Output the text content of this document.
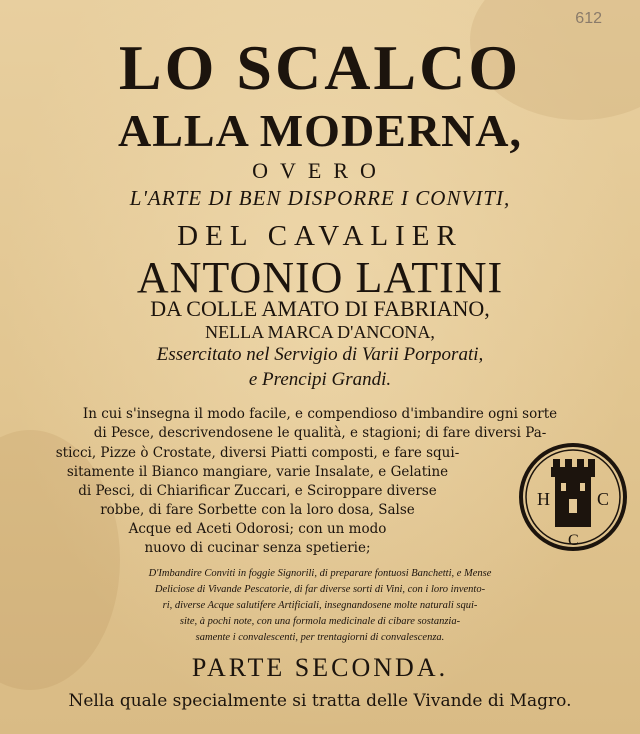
612
LO SCALCO
ALLA MODERNA,
OVERO
L'ARTE DI BEN DISPORRE I CONVITI,
DEL CAVALIER
ANTONIO LATINI
DA COLLE AMATO DI FABRIANO,
NELLA MARCA D'ANCONA,
Essercitato nel Servigio di Varii Porporati,
e Prencipi Grandi.
In cui s'insegna il modo facile, e compendioso d'imbandire ogni sorte
di Pesce, descrivendosene le qualità, e stagioni; di fare diversi Pa-
sticci, Pizze ò Crostate, diversi Piatti composti, e fare squi-
sitamente il Bianco mangiare, varie Insalate, e Gelatine
di Pesci, di Chiarificar Zuccari, e Sciroppare diverse
robbe, di fare Sorbette con la loro dosa, Salse
Acque ed Aceti Odorosi; con un modo
nuovo di cucinar senza spetierie;
D'Imbandire Conviti in foggie Signorili, di preparare fontuosi Banchetti, e Mense
Deliciose di Vivande Pescatorie, di far diverse sorti di Vini, con i loro invento-
ri, diverse Acque salutifere Artificiali, insegnandosene molte naturali squi-
site, à pochi note, con una formola medicinale di cibare sostanzia-
samente i convalescenti, per trentagiorni di convalescenza.
PARTE SECONDA.
Nella quale specialmente si tratta delle Vivande di Magro.
H	C
C
